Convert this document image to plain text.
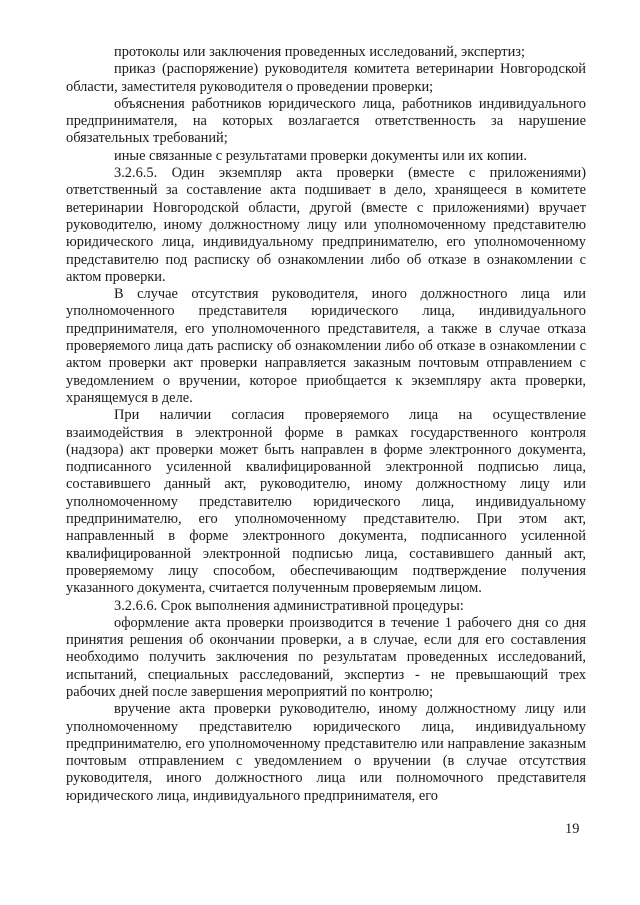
протоколы или заключения проведенных исследований, экспертиз;

приказ (распоряжение) руководителя комитета ветеринарии Новгородской области, заместителя руководителя о проведении проверки;

объяснения работников юридического лица, работников индивидуального предпринимателя, на которых возлагается ответственность за нарушение обязательных требований;

иные связанные с результатами проверки документы или их копии.

3.2.6.5. Один экземпляр акта проверки (вместе с приложениями) ответственный за составление акта подшивает в дело, хранящееся в комитете ветеринарии Новгородской области, другой (вместе с приложениями) вручает руководителю, иному должностному лицу или уполномоченному представителю юридического лица, индивидуальному предпринимателю, его уполномоченному представителю под расписку об ознакомлении либо об отказе в ознакомлении с актом проверки.

В случае отсутствия руководителя, иного должностного лица или уполномоченного представителя юридического лица, индивидуального предпринимателя, его уполномоченного представителя, а также в случае отказа проверяемого лица дать расписку об ознакомлении либо об отказе в ознакомлении с актом проверки акт проверки направляется заказным почтовым отправлением с уведомлением о вручении, которое приобщается к экземпляру акта проверки, хранящемуся в деле.

При наличии согласия проверяемого лица на осуществление взаимодействия в электронной форме в рамках государственного контроля (надзора) акт проверки может быть направлен в форме электронного документа, подписанного усиленной квалифицированной электронной подписью лица, составившего данный акт, руководителю, иному должностному лицу или уполномоченному представителю юридического лица, индивидуальному предпринимателю, его уполномоченному представителю. При этом акт, направленный в форме электронного документа, подписанного усиленной квалифицированной электронной подписью лица, составившего данный акт, проверяемому лицу способом, обеспечивающим подтверждение получения указанного документа, считается полученным проверяемым лицом.

3.2.6.6. Срок выполнения административной процедуры:

оформление акта проверки производится в течение 1 рабочего дня со дня принятия решения об окончании проверки, а в случае, если для его составления необходимо получить заключения по результатам проведенных исследований, испытаний, специальных расследований, экспертиз - не превышающий трех рабочих дней после завершения мероприятий по контролю;

вручение акта проверки руководителю, иному должностному лицу или уполномоченному представителю юридического лица, индивидуальному предпринимателю, его уполномоченному представителю или направление заказным почтовым отправлением с уведомлением о вручении (в случае отсутствия руководителя, иного должностного лица или полномочного представителя юридического лица, индивидуального предпринимателя, его

19
